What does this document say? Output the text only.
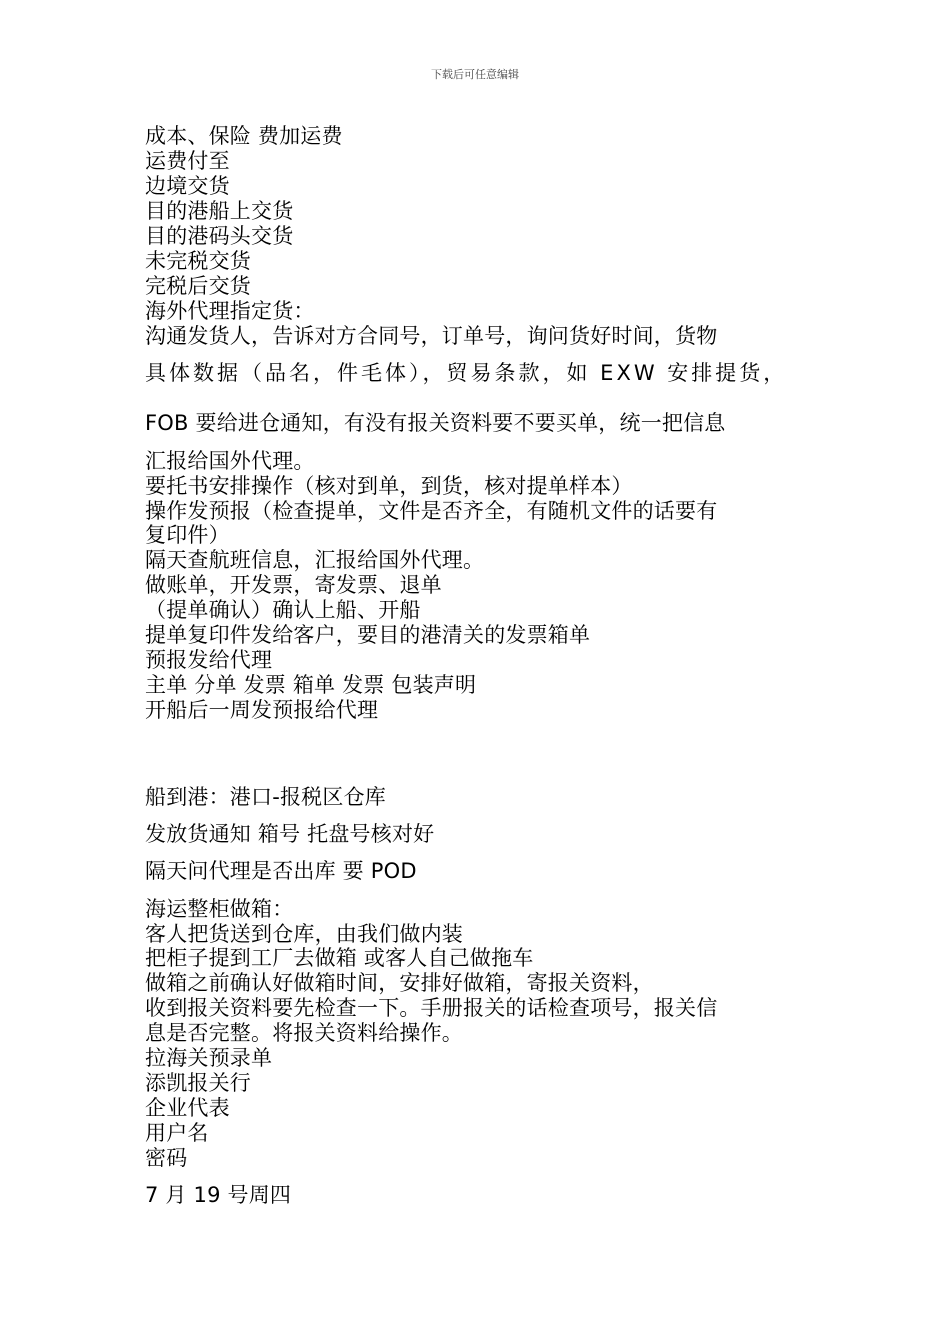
下载后可任意编辑
成本、保险 费加运费
运费付至
边境交货
目的港船上交货
目的港码头交货
未完税交货
完税后交货
海外代理指定货：
沟通发货人，告诉对方合同号，订单号，询问货好时间，货物
具体数据（品名，件毛体），贸易条款，如 EXW 安排提货，
FOB 要给进仓通知，有没有报关资料要不要买单，统一把信息
汇报给国外代理。
要托书安排操作（核对到单，到货，核对提单样本）
操作发预报（检查提单，文件是否齐全，有随机文件的话要有
复印件）
隔天查航班信息，汇报给国外代理。
做账单，开发票，寄发票、退单
（提单确认）确认上船、开船
提单复印件发给客户，要目的港清关的发票箱单
预报发给代理
主单 分单 发票 箱单 发票 包装声明
开船后一周发预报给代理
船到港：港口-报税区仓库
发放货通知 箱号 托盘号核对好
隔天问代理是否出库 要 POD
海运整柜做箱：
客人把货送到仓库，由我们做内装
把柜子提到工厂去做箱 或客人自己做拖车
做箱之前确认好做箱时间，安排好做箱，寄报关资料，
收到报关资料要先检查一下。手册报关的话检查项号，报关信
息是否完整。将报关资料给操作。
拉海关预录单
添凯报关行
企业代表
用户名
密码
7 月 19 号周四
